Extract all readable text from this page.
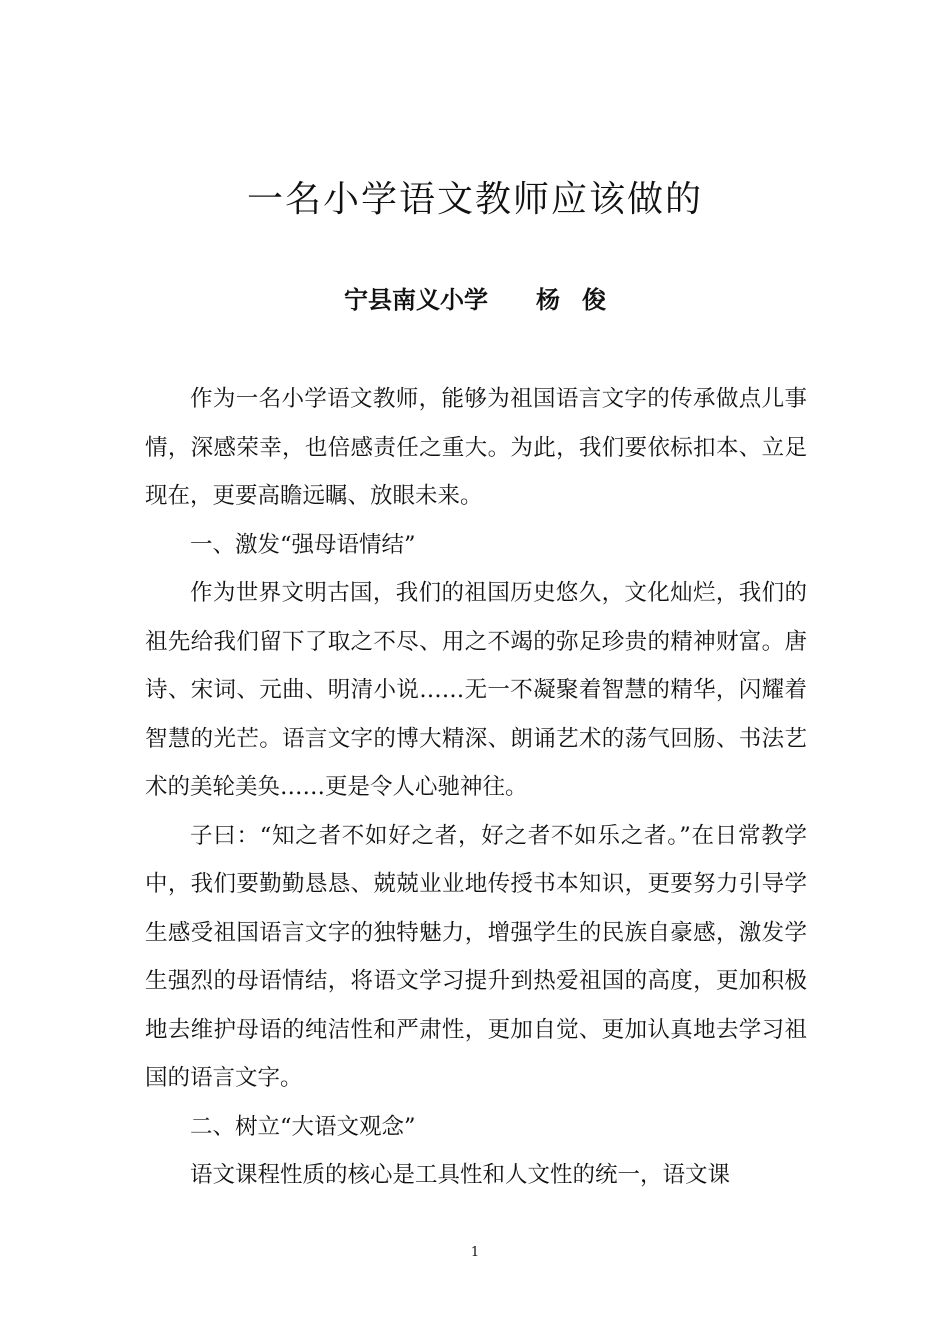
一名小学语文教师应该做的
宁县南义小学 杨俊

作为一名小学语文教师，能够为祖国语言文字的传承做点儿事情，深感荣幸，也倍感责任之重大。为此，我们要依标扣本、立足现在，更要高瞻远瞩、放眼未来。

一、激发“强母语情结”

作为世界文明古国，我们的祖国历史悠久，文化灿烂，我们的祖先给我们留下了取之不尽、用之不竭的弥足珍贵的精神财富。唐诗、宋词、元曲、明清小说……无一不凝聚着智慧的精华，闪耀着智慧的光芒。语言文字的博大精深、朗诵艺术的荡气回肠、书法艺术的美轮美奂……更是令人心驰神往。

子曰：“知之者不如好之者，好之者不如乐之者。”在日常教学中，我们要勤勤恳恳、兢兢业业地传授书本知识，更要努力引导学生感受祖国语言文字的独特魅力，增强学生的民族自豪感，激发学生强烈的母语情结，将语文学习提升到热爱祖国的高度，更加积极地去维护母语的纯洁性和严肃性，更加自觉、更加认真地去学习祖国的语言文字。

二、树立“大语文观念”

语文课程性质的核心是工具性和人文性的统一，语文课

1
